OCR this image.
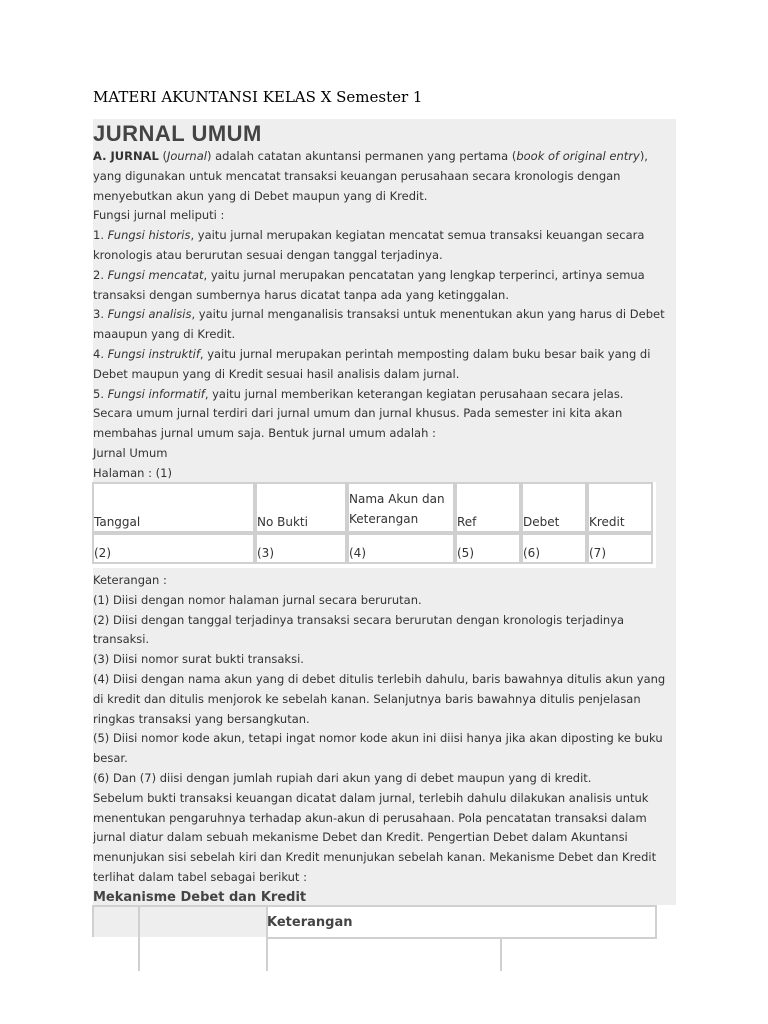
MATERI AKUNTANSI KELAS X Semester 1
JURNAL UMUM

A. JURNAL (Journal) adalah catatan akuntansi permanen yang pertama (book of original entry), yang digunakan untuk mencatat transaksi keuangan perusahaan secara kronologis dengan menyebutkan akun yang di Debet maupun yang di Kredit.

Fungsi jurnal meliputi :

1. Fungsi historis, yaitu jurnal merupakan kegiatan mencatat semua transaksi keuangan secara kronologis atau berurutan sesuai dengan tanggal terjadinya.

2. Fungsi mencatat, yaitu jurnal merupakan pencatatan yang lengkap terperinci, artinya semua transaksi dengan sumbernya harus dicatat tanpa ada yang ketinggalan.

3. Fungsi analisis, yaitu jurnal menganalisis transaksi untuk menentukan akun yang harus di Debet maaupun yang di Kredit.

4. Fungsi instruktif, yaitu jurnal merupakan perintah memposting dalam buku besar baik yang di Debet maupun yang di Kredit sesuai hasil analisis dalam jurnal.

5. Fungsi informatif, yaitu jurnal memberikan keterangan kegiatan perusahaan secara jelas.

Secara umum jurnal terdiri dari jurnal umum dan jurnal khusus. Pada semester ini kita akan membahas jurnal umum saja. Bentuk jurnal umum adalah :

Jurnal Umum

Halaman : (1)

Tanggal	No Bukti	Nama Akun dan Keterangan	Ref	Debet	Kredit
(2)	(3)	(4)	(5)	(6)	(7)

Keterangan :

(1) Diisi dengan nomor halaman jurnal secara berurutan.

(2) Diisi dengan tanggal terjadinya transaksi secara berurutan dengan kronologis terjadinya transaksi.

(3) Diisi nomor surat bukti transaksi.

(4) Diisi dengan nama akun yang di debet ditulis terlebih dahulu, baris bawahnya ditulis akun yang di kredit dan ditulis menjorok ke sebelah kanan. Selanjutnya baris bawahnya ditulis penjelasan ringkas transaksi yang bersangkutan.

(5) Diisi nomor kode akun, tetapi ingat nomor kode akun ini diisi hanya jika akan diposting ke buku besar.

(6) Dan (7) diisi dengan jumlah rupiah dari akun yang di debet maupun yang di kredit.

Sebelum bukti transaksi keuangan dicatat dalam jurnal, terlebih dahulu dilakukan analisis untuk menentukan pengaruhnya terhadap akun-akun di perusahaan. Pola pencatatan transaksi dalam jurnal diatur dalam sebuah mekanisme Debet dan Kredit. Pengertian Debet dalam Akuntansi menunjukan sisi sebelah kiri dan Kredit menunjukan sebelah kanan. Mekanisme Debet dan Kredit terlihat dalam tabel sebagai berikut :

Mekanisme Debet dan Kredit

Keterangan
